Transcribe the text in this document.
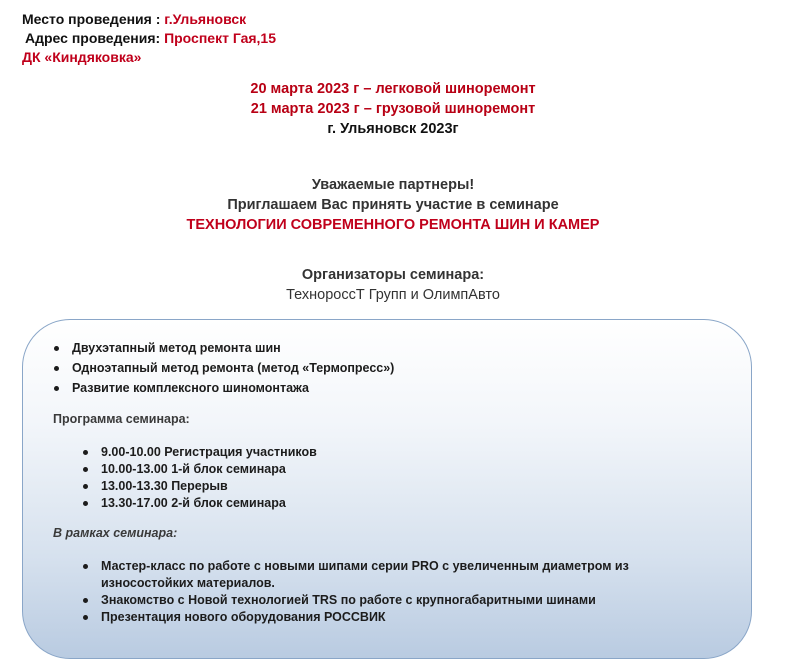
Место проведения : г.Ульяновск
Адрес проведения: Проспект Гая,15
ДК «Киндяковка»
20 марта 2023 г – легковой шиноремонт
21 марта 2023 г – грузовой шиноремонт
г. Ульяновск 2023г
Уважаемые партнеры!
Приглашаем Вас принять участие в семинаре
ТЕХНОЛОГИИ СОВРЕМЕННОГО РЕМОНТА ШИН И КАМЕР
Организаторы семинара:
ТехноросcТ Групп и ОлимпАвто
Двухэтапный метод ремонта шин
Одноэтапный метод ремонта (метод «Термопресс»)
Развитие комплексного шиномонтажа
Программа семинара:
9.00-10.00 Регистрация участников
10.00-13.00 1-й блок семинара
13.00-13.30 Перерыв
13.30-17.00 2-й блок семинара
В рамках семинара:
Мастер-класс по работе с новыми шипами серии PRO с увеличенным диаметром из износостойких материалов.
Знакомство с Новой технологией TRS по работе с крупногабаритными шинами
Презентация нового оборудования РОССВИК
